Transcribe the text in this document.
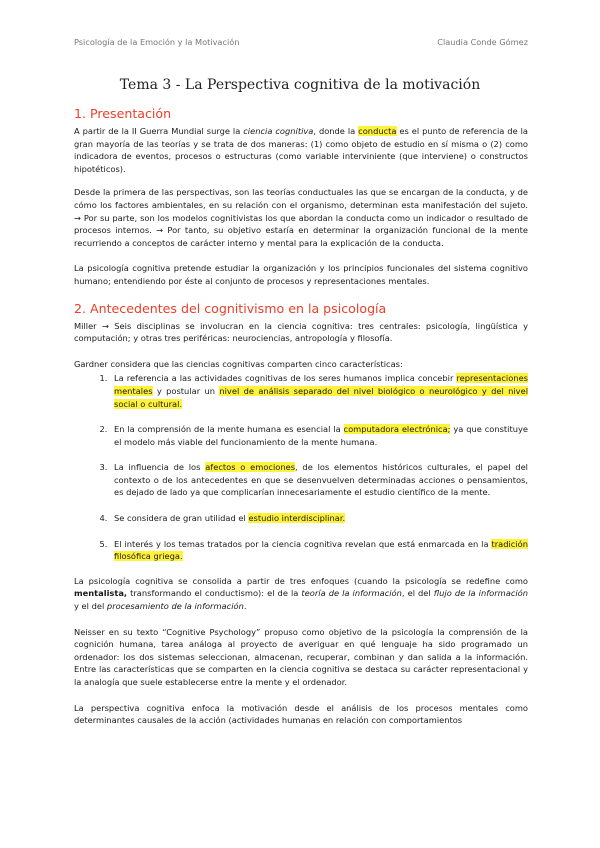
Psicología de la Emoción y la Motivación	Claudia Conde Gómez
Tema 3 - La Perspectiva cognitiva de la motivación
1. Presentación

A partir de la II Guerra Mundial surge la ciencia cognitiva, donde la conducta es el punto de referencia de la gran mayoría de las teorías y se trata de dos maneras: (1) como objeto de estudio en sí misma o (2) como indicadora de eventos, procesos o estructuras (como variable interviniente (que interviene) o constructos hipotéticos).

Desde la primera de las perspectivas, son las teorías conductuales las que se encargan de la conducta, y de cómo los factores ambientales, en su relación con el organismo, determinan esta manifestación del sujeto. → Por su parte, son los modelos cognitivistas los que abordan la conducta como un indicador o resultado de procesos internos. → Por tanto, su objetivo estaría en determinar la organización funcional de la mente recurriendo a conceptos de carácter interno y mental para la explicación de la conducta.

La psicología cognitiva pretende estudiar la organización y los principios funcionales del sistema cognitivo humano; entendiendo por éste al conjunto de procesos y representaciones mentales.

2. Antecedentes del cognitivismo en la psicología

Miller → Seis disciplinas se involucran en la ciencia cognitiva: tres centrales: psicología, lingüística y computación; y otras tres periféricas: neurociencias, antropología y filosofía.

Gardner considera que las ciencias cognitivas comparten cinco características:

1. La referencia a las actividades cognitivas de los seres humanos implica concebir representaciones mentales y postular un nivel de análisis separado del nivel biológico o neurológico y del nivel social o cultural.
2. En la comprensión de la mente humana es esencial la computadora electrónica; ya que constituye el modelo más viable del funcionamiento de la mente humana.
3. La influencia de los afectos o emociones, de los elementos históricos culturales, el papel del contexto o de los antecedentes en que se desenvuelven determinadas acciones o pensamientos, es dejado de lado ya que complicarían innecesariamente el estudio científico de la mente.
4. Se considera de gran utilidad el estudio interdisciplinar.
5. El interés y los temas tratados por la ciencia cognitiva revelan que está enmarcada en la tradición filosófica griega.

La psicología cognitiva se consolida a partir de tres enfoques (cuando la psicología se redefine como mentalista, transformando el conductismo): el de la teoría de la información, el del flujo de la información y el del procesamiento de la información.

Neisser en su texto “Cognitive Psychology” propuso como objetivo de la psicología la comprensión de la cognición humana, tarea análoga al proyecto de averiguar en qué lenguaje ha sido programado un ordenador: los dos sistemas seleccionan, almacenan, recuperar, combinan y dan salida a la información. Entre las características que se comparten en la ciencia cognitiva se destaca su carácter representacional y la analogía que suele establecerse entre la mente y el ordenador.

La perspectiva cognitiva enfoca la motivación desde el análisis de los procesos mentales como determinantes causales de la acción (actividades humanas en relación con comportamientos
